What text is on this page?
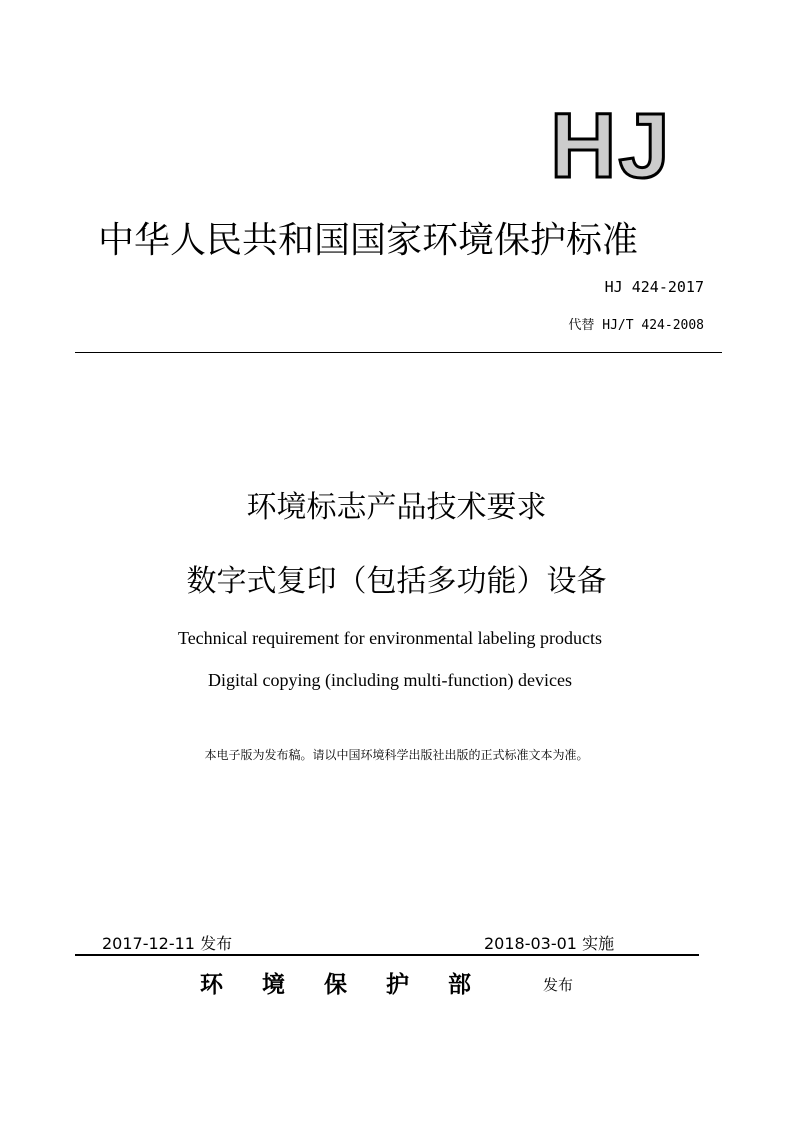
HJ
中华人民共和国国家环境保护标准
HJ 424-2017
代替 HJ/T 424-2008
环境标志产品技术要求
数字式复印（包括多功能）设备
Technical requirement for environmental labeling products
Digital copying (including multi-function) devices
本电子版为发布稿。请以中国环境科学出版社出版的正式标准文本为准。
2017-12-11 发布	2018-03-01 实施
环境保护部 发布
